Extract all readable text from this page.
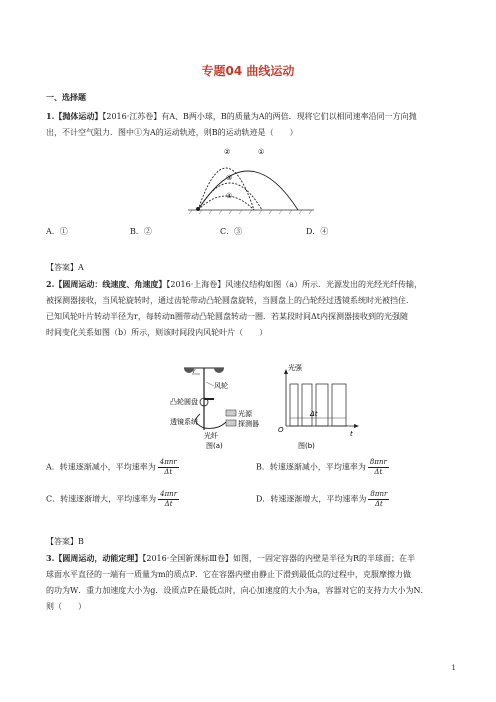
专题04 曲线运动
一、选择题
1.【抛体运动】【2016·江苏卷】有A、B两小球，B的质量为A的两倍．现将它们以相同速率沿同一方向抛
出，不计空气阻力．图中①为A的运动轨迹，则B的运动轨迹是（　　）
①
②
③
④
A．①	B．②	C．③	D．④
【答案】A
2.【圆周运动：线速度、角速度】【2016·上海卷】风速仪结构如图（a）所示．光源发出的光经光纤传输，
被探测器接收，当风轮旋转时，通过齿轮带动凸轮圆盘旋转，当圆盘上的凸轮经过透镜系统时光被挡住．
已知风轮叶片转动半径为r，每转动n圈带动凸轮圆盘转动一圈．若某段时间Δt内探测器接收到的光强随
时间变化关系如图（b）所示，则该时间段内风轮叶片（　　）
r
风轮
凸轮圆盘
光源
探测器
透镜系统
光纤
图(a)
光强
O	t
Δt
图(b)
A．转速逐渐减小，平均速率为 $\frac{\text{4πnr}}{\Delta t}$	B．转速逐渐减小，平均速率为 $\frac{\text{8πnr}}{\Delta t}$
C．转速逐渐增大，平均速率为 $\frac{\text{4πnr}}{\Delta t}$	D．转速逐渐增大，平均速率为 $\frac{\text{8πnr}}{\Delta t}$
【答案】B
3.【圆周运动，动能定理】【2016·全国新课标Ⅲ卷】如图，一固定容器的内壁是半径为R的半球面；在半
球面水平直径的一端有一质量为m的质点P．它在容器内壁由静止下滑到最低点的过程中，克服摩擦力做
的功为W．重力加速度大小为g．设质点P在最低点时，向心加速度的大小为a，容器对它的支持力大小为N．
则（　　）
1
